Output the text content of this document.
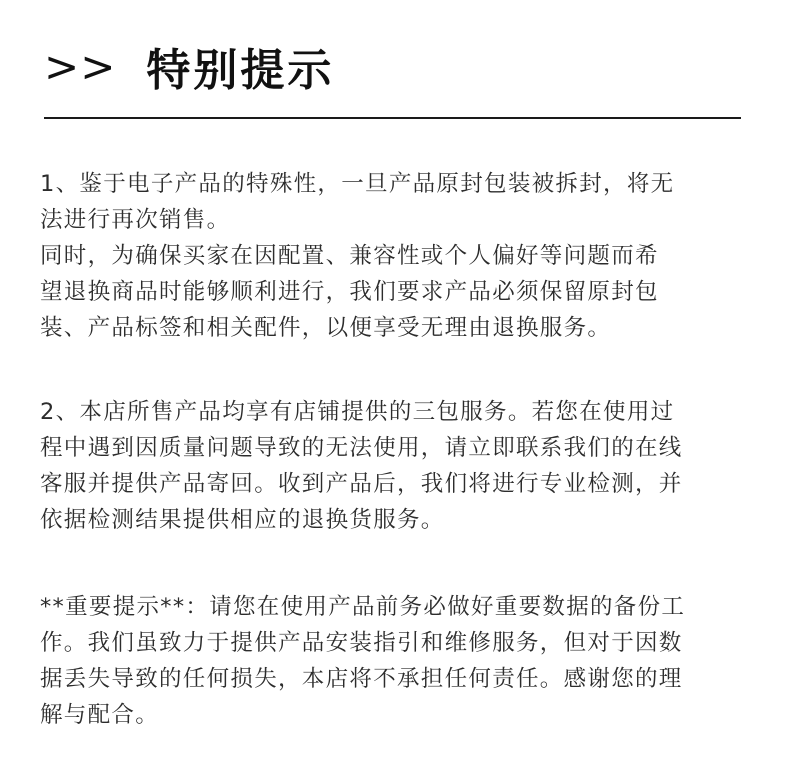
>> 特别提示
1、鉴于电子产品的特殊性，一旦产品原封包装被拆封，将无
法进行再次销售。
同时，为确保买家在因配置、兼容性或个人偏好等问题而希
望退换商品时能够顺利进行，我们要求产品必须保留原封包
装、产品标签和相关配件，以便享受无理由退换服务。
2、本店所售产品均享有店铺提供的三包服务。若您在使用过
程中遇到因质量问题导致的无法使用，请立即联系我们的在线
客服并提供产品寄回。收到产品后，我们将进行专业检测，并
依据检测结果提供相应的退换货服务。
**重要提示**：请您在使用产品前务必做好重要数据的备份工
作。我们虽致力于提供产品安装指引和维修服务，但对于因数
据丢失导致的任何损失，本店将不承担任何责任。感谢您的理
解与配合。
